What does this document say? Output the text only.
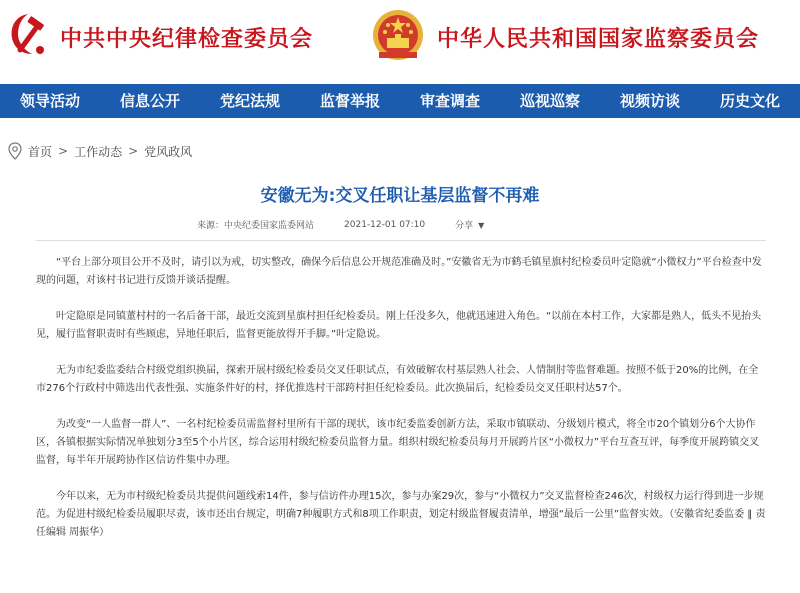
中共中央纪律检查委员会	中华人民共和国国家监察委员会
领导活动	信息公开	党纪法规	监督举报	审查调查	巡视巡察	视频访谈	历史文化
首页 > 工作动态 > 党风政风
安徽无为:交叉任职让基层监督不再难
来源： 中央纪委国家监委网站	2021-12-01 07:10	分享 ▼

“平台上部分项目公开不及时，请引以为戒，切实整改，确保今后信息公开规范准确及时。”安徽省无为市鹤毛镇星旗村纪检委员叶定隐就“小微权力”平台检查中发现的问题，对该村书记进行反馈并谈话提醒。

叶定隐原是同镇董村村的一名后备干部，最近交流到星旗村担任纪检委员。刚上任没多久，他就迅速进入角色。“以前在本村工作，大家都是熟人，低头不见抬头见，履行监督职责时有些顾虑，异地任职后，监督更能放得开手脚。”叶定隐说。

无为市纪委监委结合村级党组织换届，探索开展村级纪检委员交叉任职试点，有效破解农村基层熟人社会、人情制肘等监督难题。按照不低于20%的比例，在全市276个行政村中筛选出代表性强、实施条件好的村，择优推选村干部跨村担任纪检委员。此次换届后，纪检委员交叉任职村达57个。

为改变“一人监督一群人”、一名村纪检委员需监督村里所有干部的现状，该市纪委监委创新方法，采取市镇联动、分级划片模式，将全市20个镇划分6个大协作区，各镇根据实际情况单独划分3至5个小片区，综合运用村级纪检委员监督力量。组织村级纪检委员每月开展跨片区“小微权力”平台互查互评，每季度开展跨镇交叉监督，每半年开展跨协作区信访件集中办理。

今年以来，无为市村级纪检委员共提供问题线索14件，参与信访件办理15次，参与办案29次，参与“小微权力”交叉监督检查246次，村级权力运行得到进一步规范。为促进村级纪检委员履职尽责，该市还出台规定，明确7种履职方式和8项工作职责，划定村级监督履责清单，增强“最后一公里”监督实效。（安徽省纪委监委 ‖ 责任编辑 周振华）
